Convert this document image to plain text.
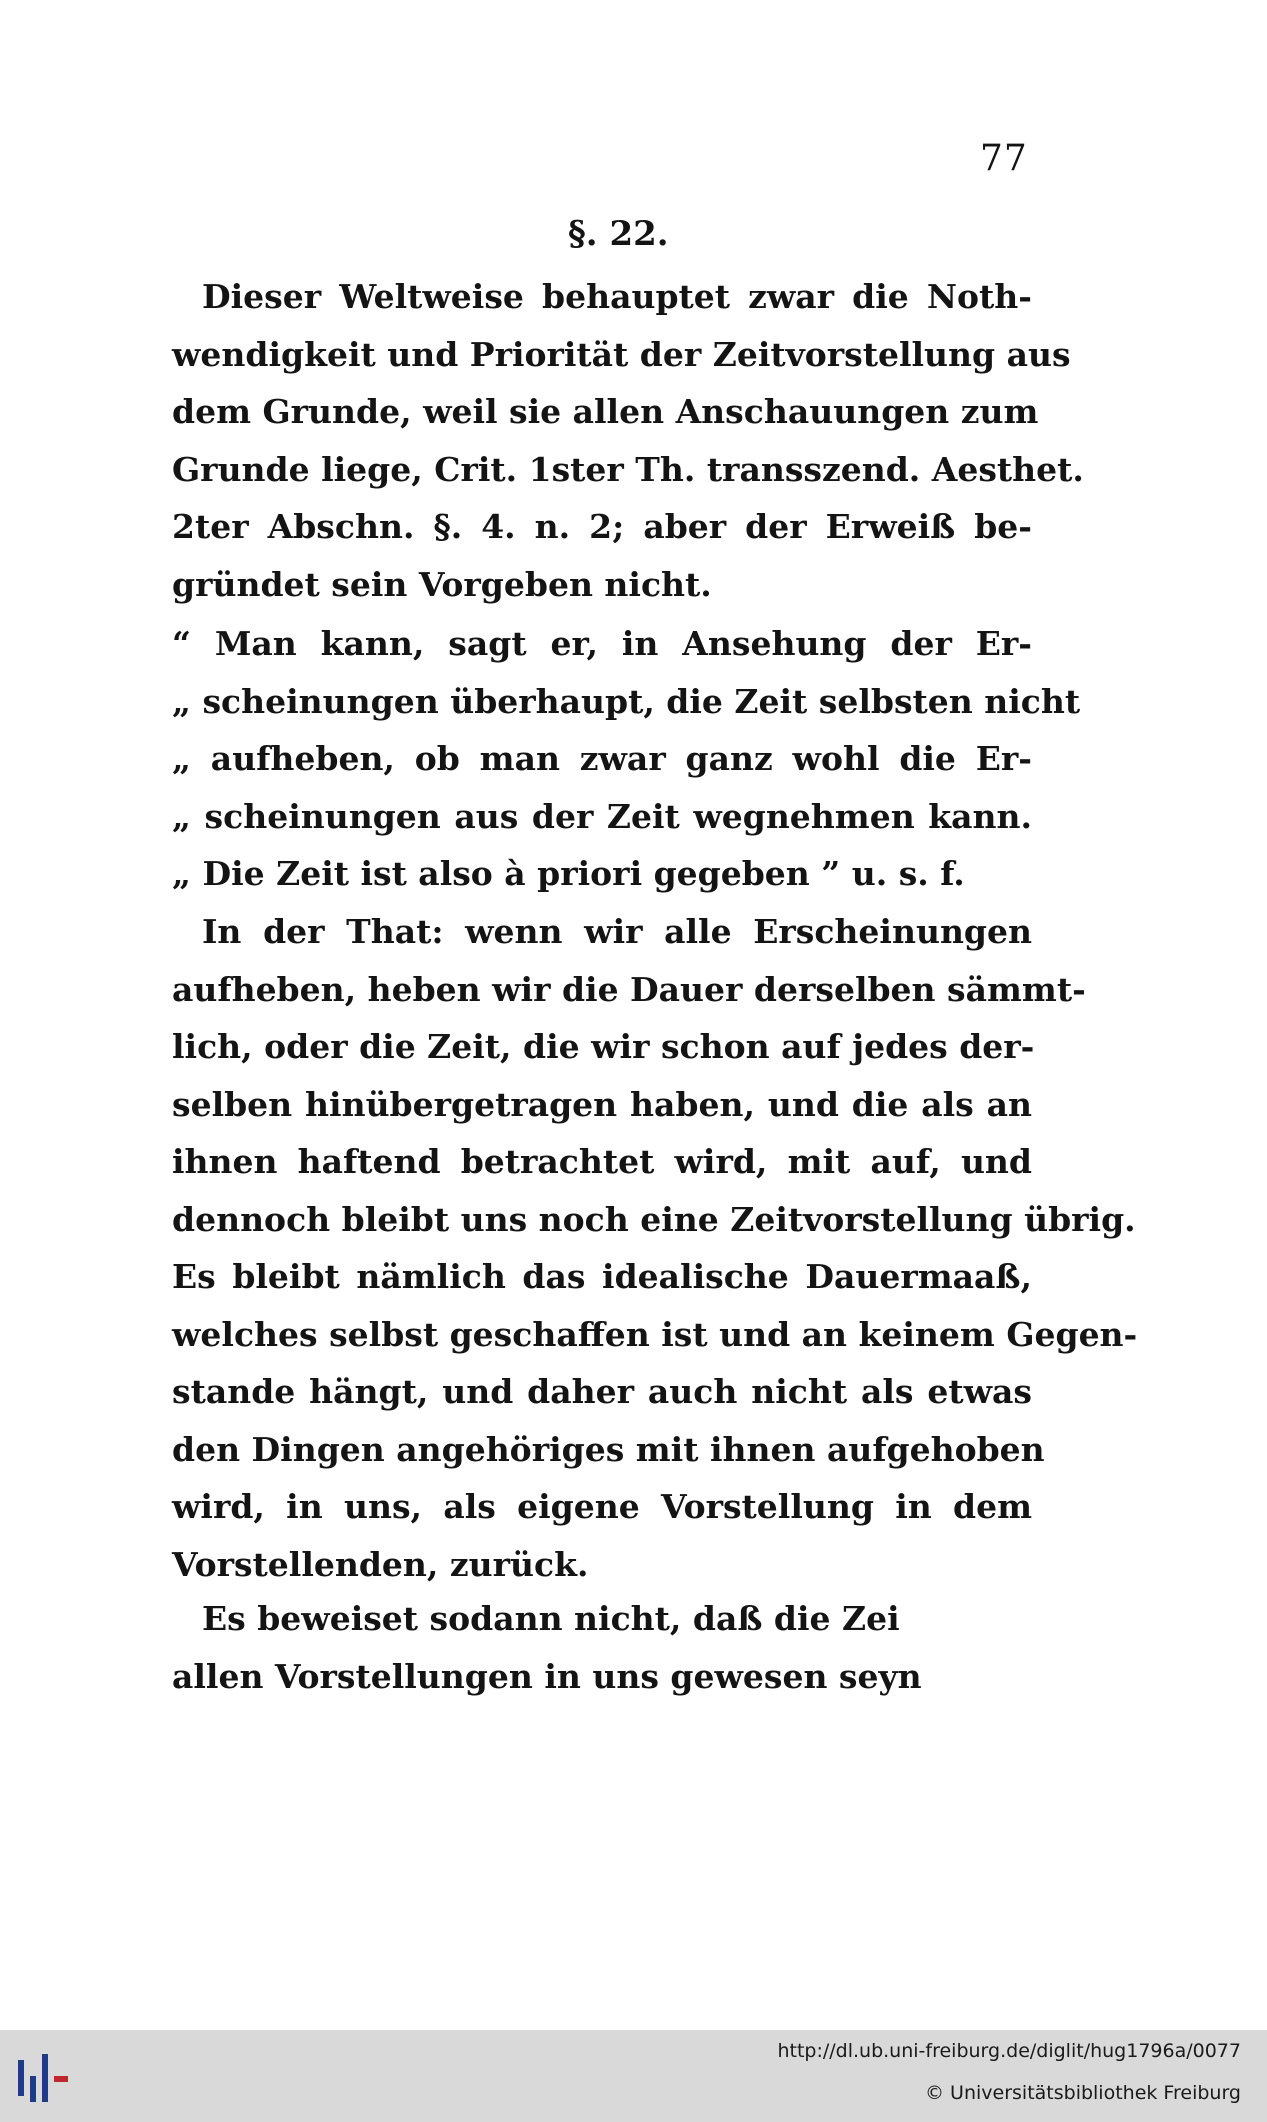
77
§. 22.
Dieser Weltweise behauptet zwar die Noth-
wendigkeit und Priorität der Zeitvorstellung aus
dem Grunde, weil sie allen Anschauungen zum
Grunde liege, Crit. 1ster Th. transszend. Aesthet.
2ter Abschn. §. 4. n. 2; aber der Erweiß be-
gründet sein Vorgeben nicht.
“ Man kann, sagt er, in Ansehung der Er-
„ scheinungen überhaupt, die Zeit selbsten nicht
„ aufheben, ob man zwar ganz wohl die Er-
„ scheinungen aus der Zeit wegnehmen kann.
„ Die Zeit ist also à priori gegeben ” u. s. f.
In der That: wenn wir alle Erscheinungen
aufheben, heben wir die Dauer derselben sämmt-
lich, oder die Zeit, die wir schon auf jedes der-
selben hinübergetragen haben, und die als an
ihnen haftend betrachtet wird, mit auf, und
dennoch bleibt uns noch eine Zeitvorstellung übrig.
Es bleibt nämlich das idealische Dauermaaß,
welches selbst geschaffen ist und an keinem Gegen-
stande hängt, und daher auch nicht als etwas
den Dingen angehöriges mit ihnen aufgehoben
wird, in uns, als eigene Vorstellung in dem
Vorstellenden, zurück.
Es beweiset sodann nicht, daß die Zei
allen Vorstellungen in uns gewesen seyn
http://dl.ub.uni-freiburg.de/diglit/hug1796a/0077
© Universitätsbibliothek Freiburg
